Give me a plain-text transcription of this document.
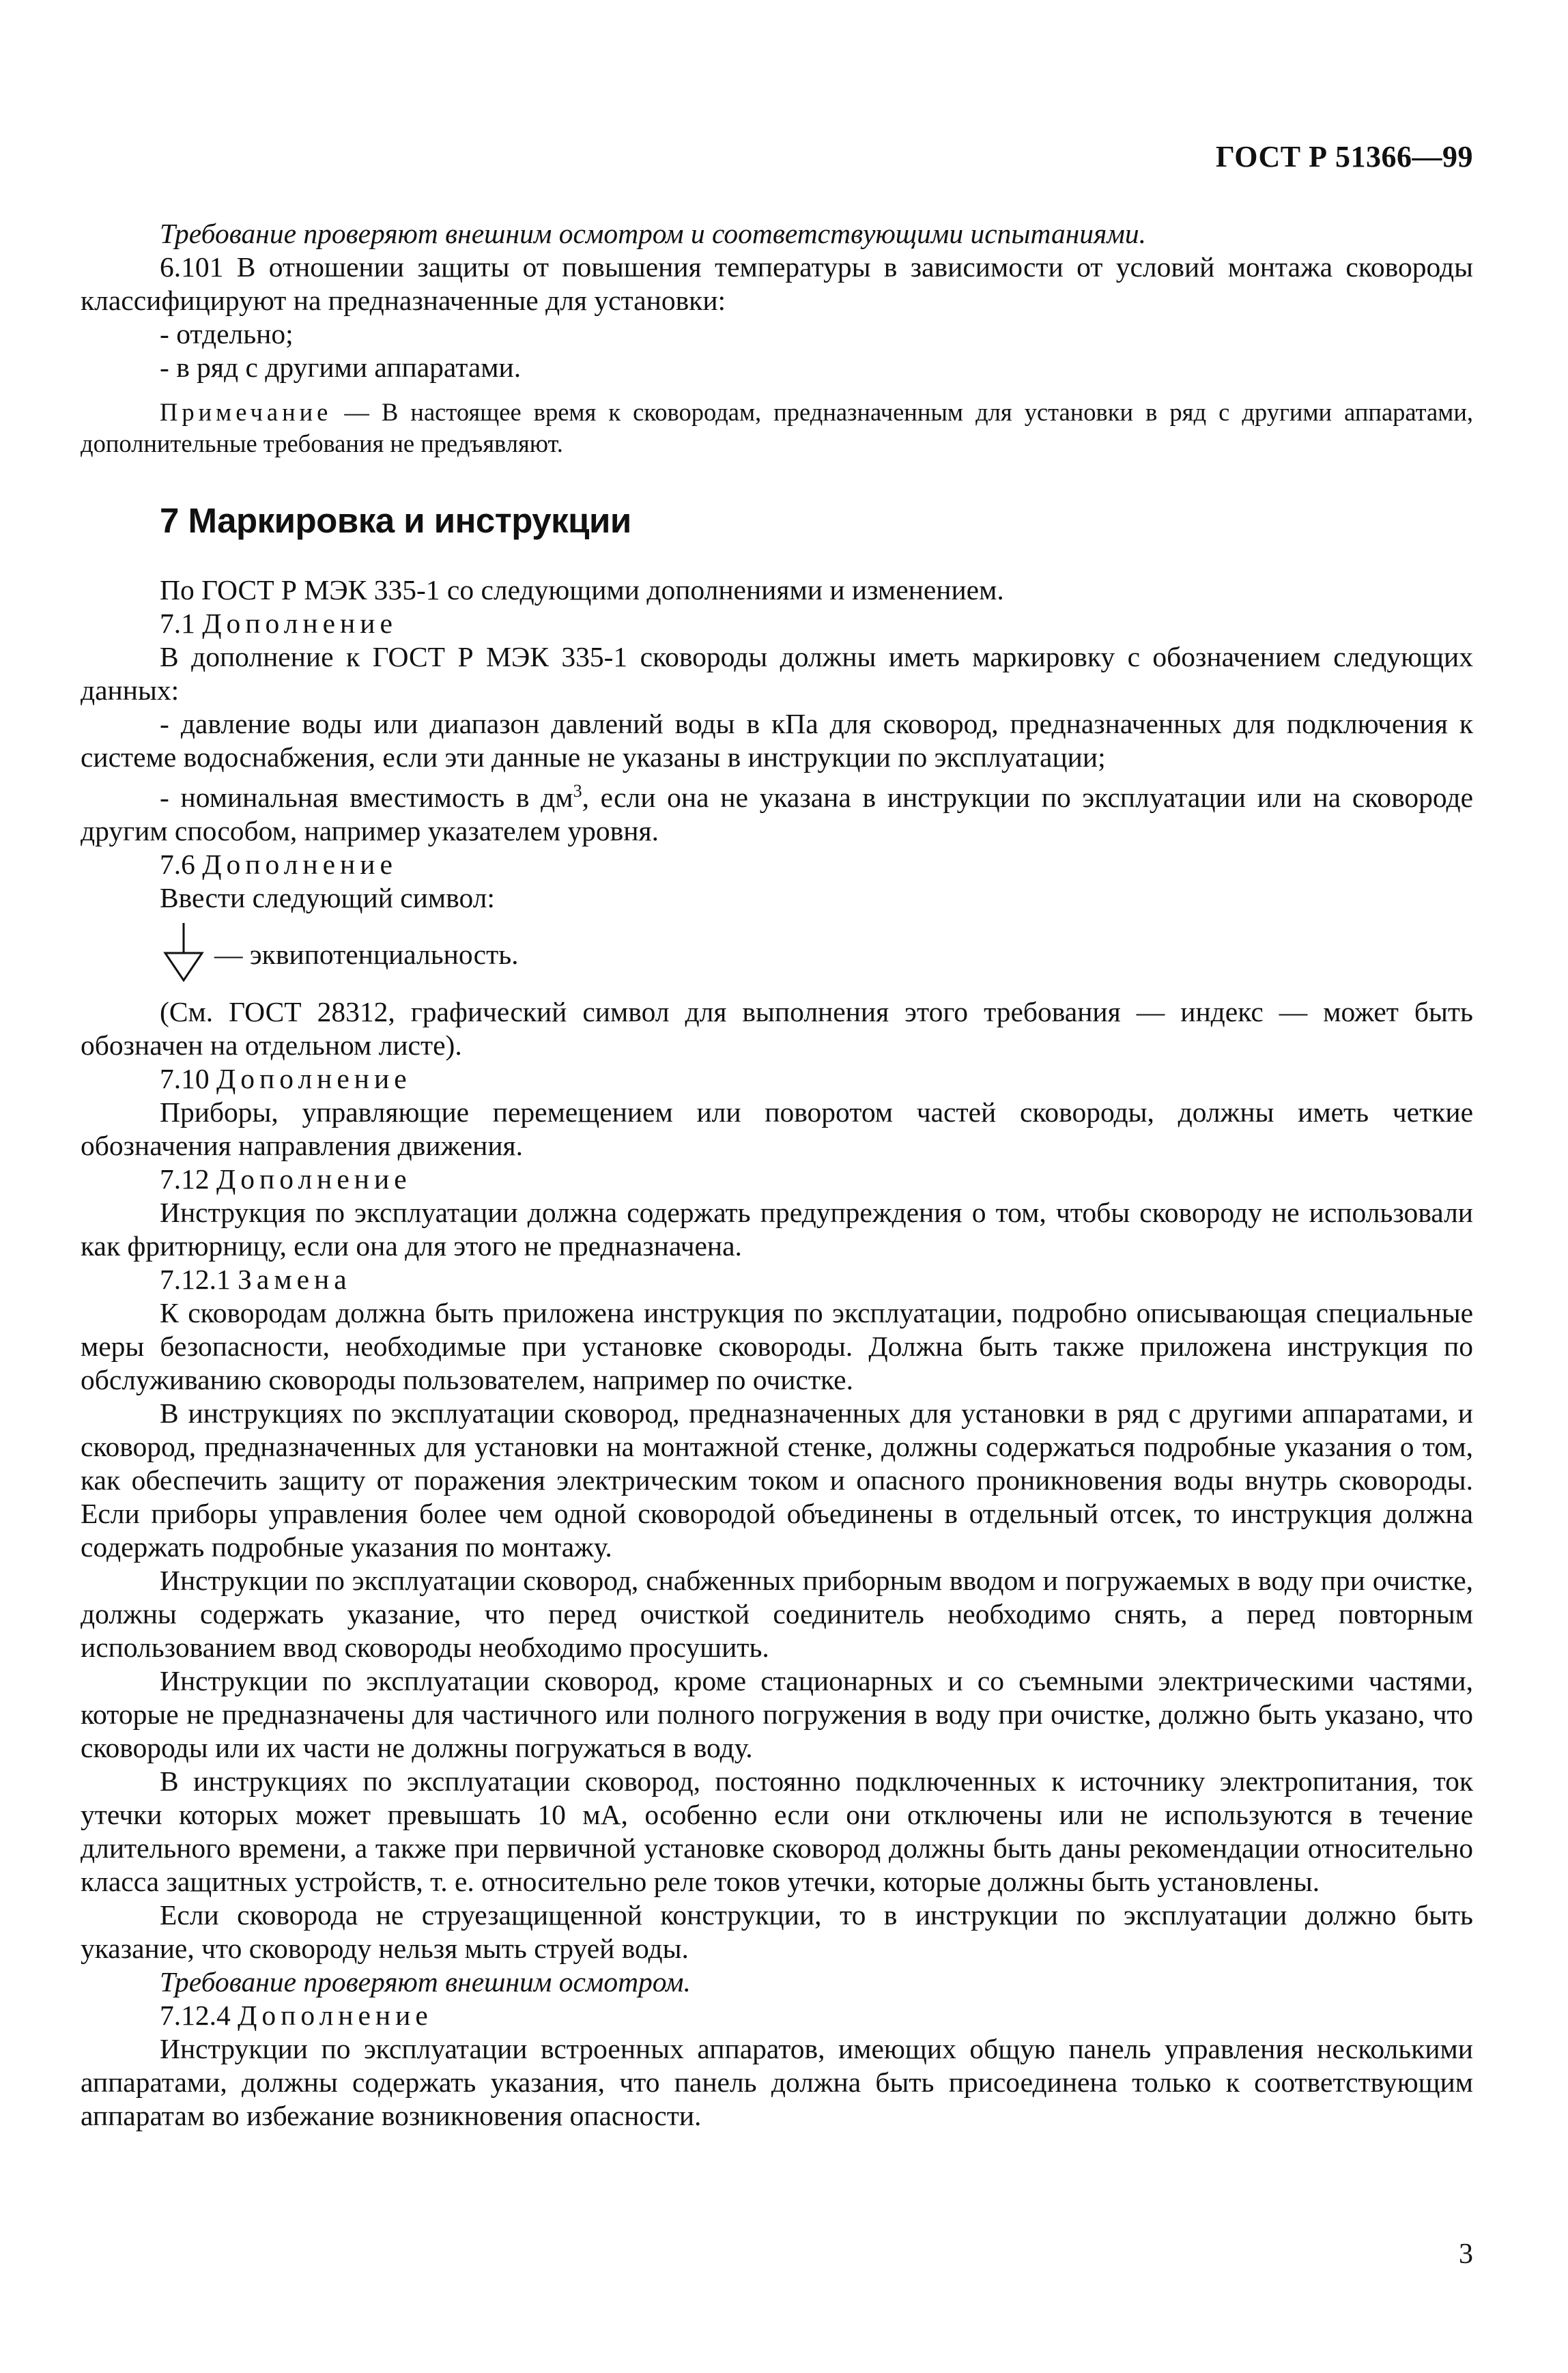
ГОСТ Р 51366—99

Требование проверяют внешним осмотром и соответствующими испытаниями.

6.101 В отношении защиты от повышения температуры в зависимости от условий монтажа сковороды классифицируют на предназначенные для установки:

- отдельно;

- в ряд с другими аппаратами.

Примечание — В настоящее время к сковородам, предназначенным для установки в ряд с другими аппаратами, дополнительные требования не предъявляют.

7 Маркировка и инструкции

По ГОСТ Р МЭК 335-1 со следующими дополнениями и изменением.

7.1 Дополнение

В дополнение к ГОСТ Р МЭК 335-1 сковороды должны иметь маркировку с обозначением следующих данных:

- давление воды или диапазон давлений воды в кПа для сковород, предназначенных для подключения к системе водоснабжения, если эти данные не указаны в инструкции по эксплуатации;

- номинальная вместимость в $дм^3$, если она не указана в инструкции по эксплуатации или на сковороде другим способом, например указателем уровня.

7.6 Дополнение

Ввести следующий символ:

— эквипотенциальность.

(См. ГОСТ 28312, графический символ для выполнения этого требования — индекс — может быть обозначен на отдельном листе).

7.10 Дополнение

Приборы, управляющие перемещением или поворотом частей сковороды, должны иметь четкие обозначения направления движения.

7.12 Дополнение

Инструкция по эксплуатации должна содержать предупреждения о том, чтобы сковороду не использовали как фритюрницу, если она для этого не предназначена.

7.12.1 Замена

К сковородам должна быть приложена инструкция по эксплуатации, подробно описывающая специальные меры безопасности, необходимые при установке сковороды. Должна быть также приложена инструкция по обслуживанию сковороды пользователем, например по очистке.

В инструкциях по эксплуатации сковород, предназначенных для установки в ряд с другими аппаратами, и сковород, предназначенных для установки на монтажной стенке, должны содержаться подробные указания о том, как обеспечить защиту от поражения электрическим током и опасного проникновения воды внутрь сковороды. Если приборы управления более чем одной сковородой объединены в отдельный отсек, то инструкция должна содержать подробные указания по монтажу.

Инструкции по эксплуатации сковород, снабженных приборным вводом и погружаемых в воду при очистке, должны содержать указание, что перед очисткой соединитель необходимо снять, а перед повторным использованием ввод сковороды необходимо просушить.

Инструкции по эксплуатации сковород, кроме стационарных и со съемными электрическими частями, которые не предназначены для частичного или полного погружения в воду при очистке, должно быть указано, что сковороды или их части не должны погружаться в воду.

В инструкциях по эксплуатации сковород, постоянно подключенных к источнику электропитания, ток утечки которых может превышать 10 мА, особенно если они отключены или не используются в течение длительного времени, а также при первичной установке сковород должны быть даны рекомендации относительно класса защитных устройств, т. е. относительно реле токов утечки, которые должны быть установлены.

Если сковорода не струезащищенной конструкции, то в инструкции по эксплуатации должно быть указание, что сковороду нельзя мыть струей воды.

Требование проверяют внешним осмотром.

7.12.4 Дополнение

Инструкции по эксплуатации встроенных аппаратов, имеющих общую панель управления несколькими аппаратами, должны содержать указания, что панель должна быть присоединена только к соответствующим аппаратам во избежание возникновения опасности.

3
